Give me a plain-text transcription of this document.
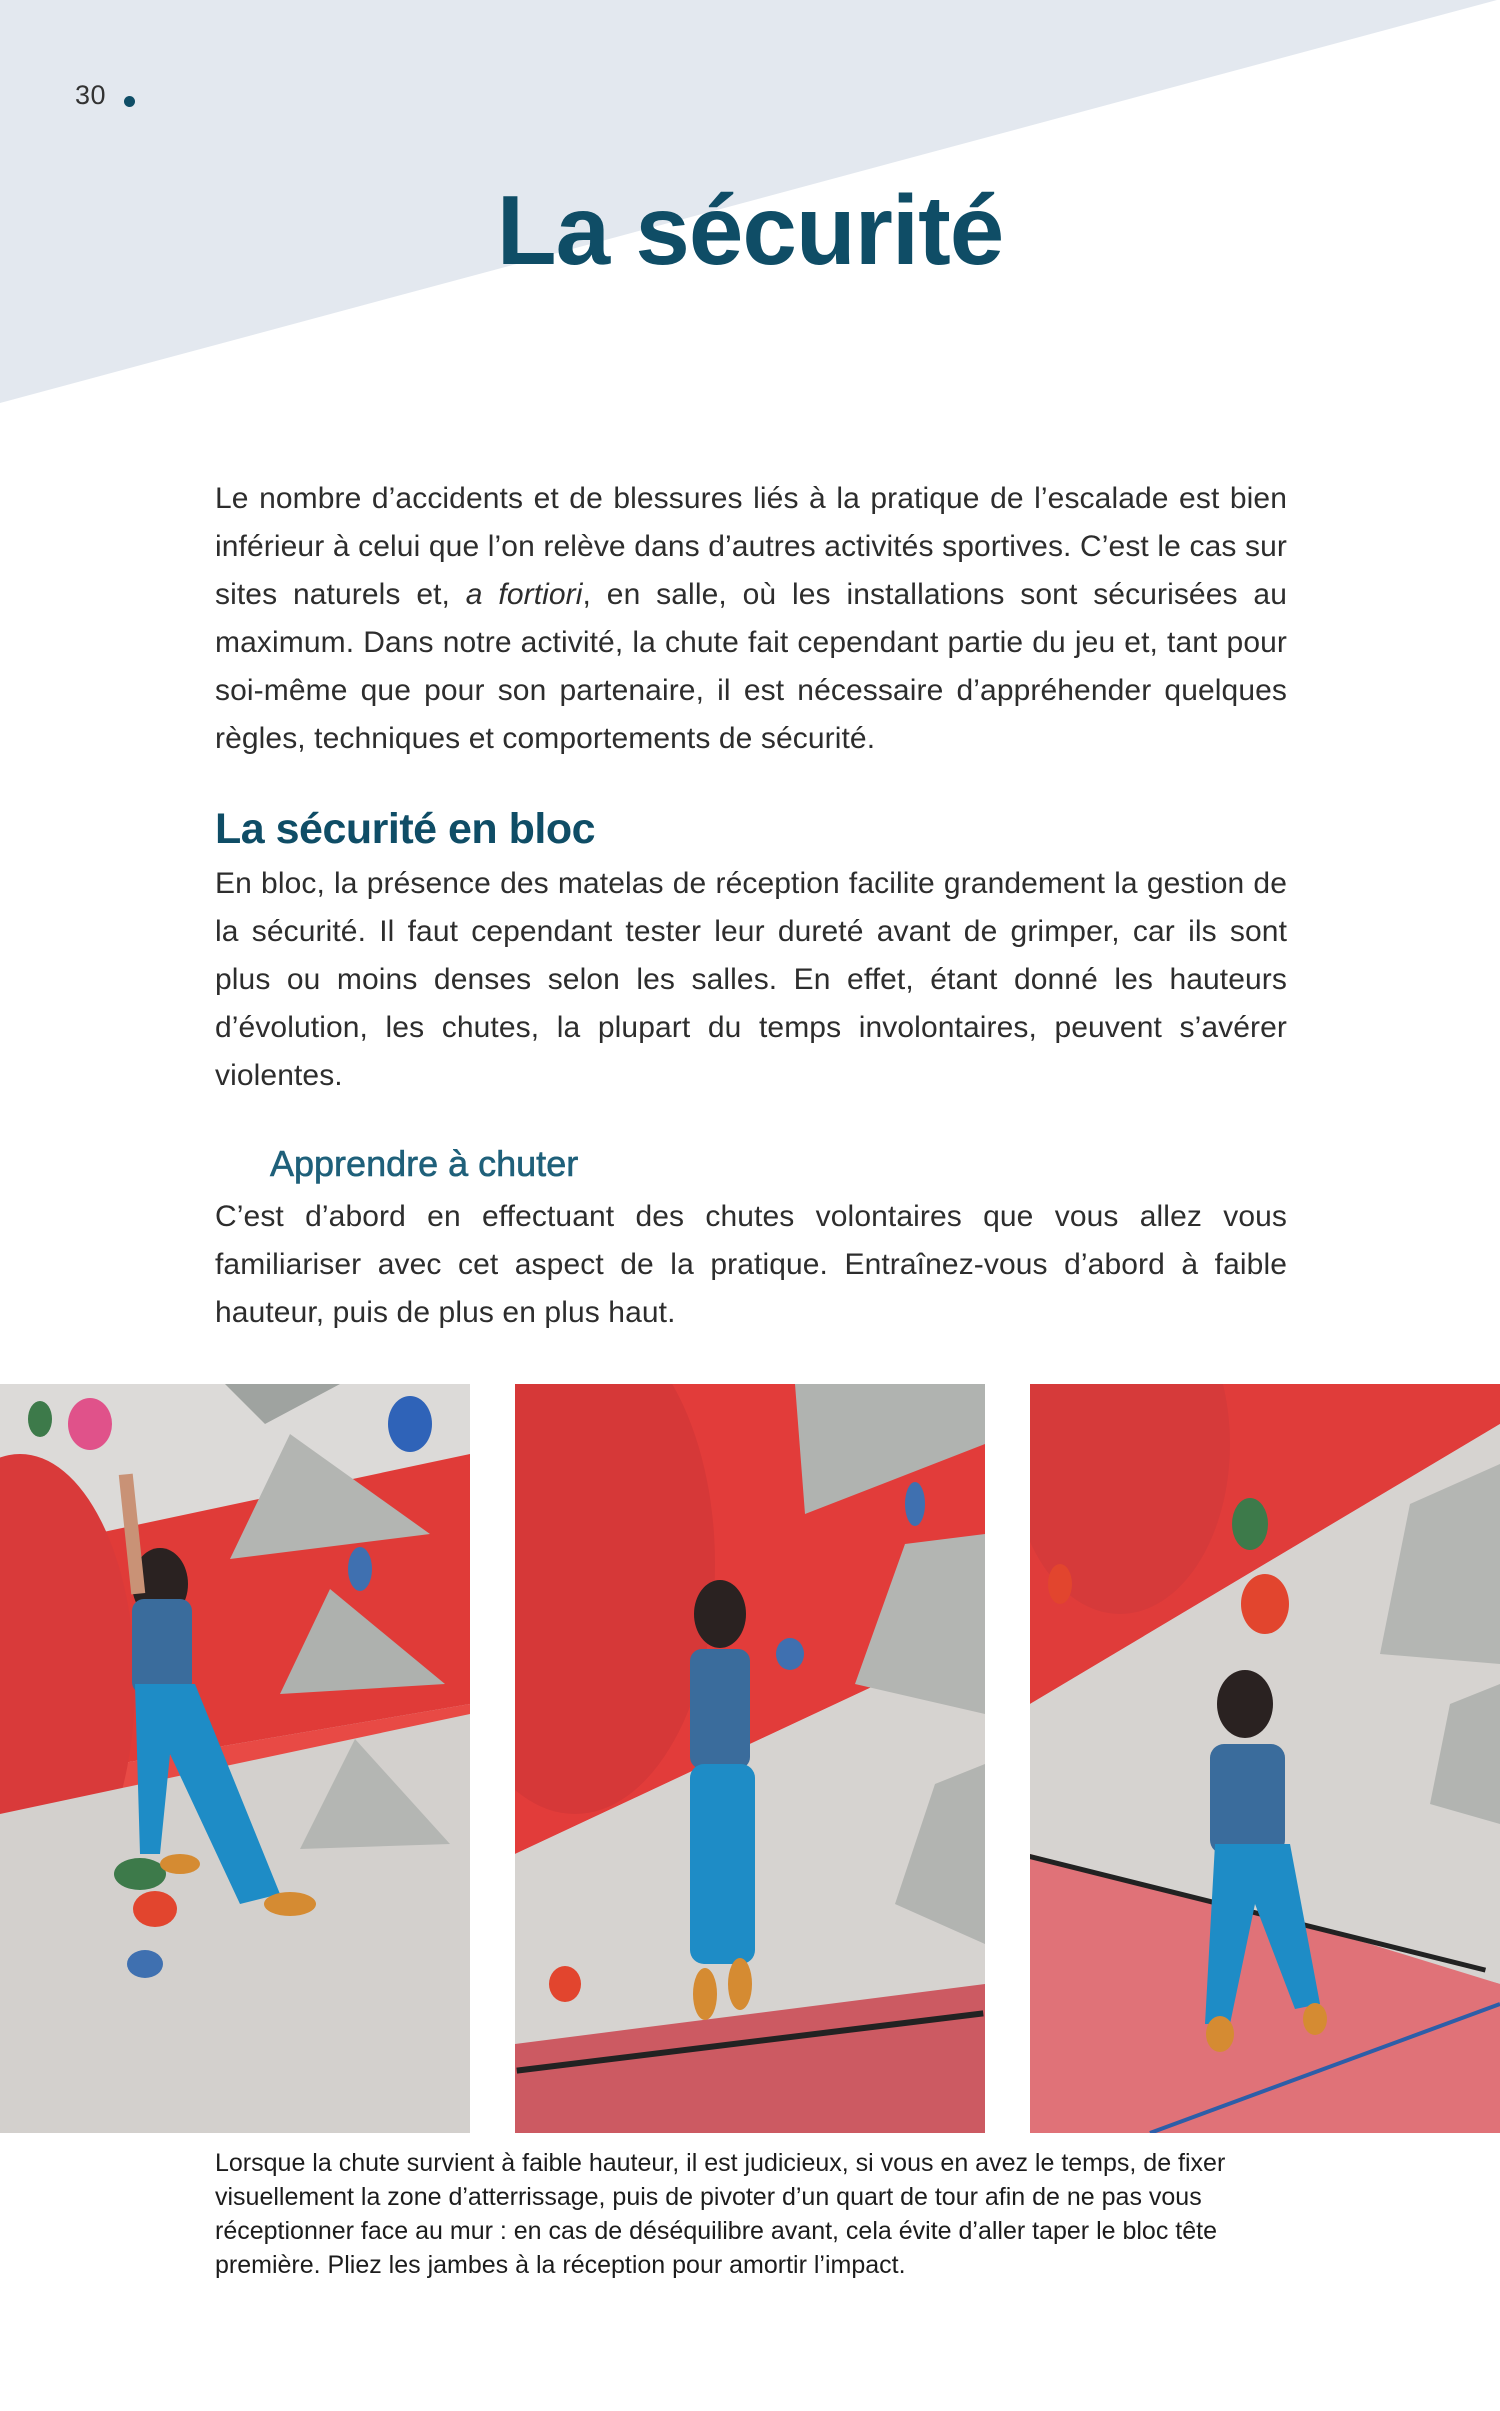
30
La sécurité

Le nombre d’accidents et de blessures liés à la pratique de l’escalade est bien inférieur à celui que l’on relève dans d’autres activités sportives. C’est le cas sur sites naturels et, a fortiori, en salle, où les installations sont sécurisées au maximum. Dans notre activité, la chute fait cependant partie du jeu et, tant pour soi-même que pour son partenaire, il est nécessaire d’appréhender quelques règles, techniques et comportements de sécurité.

La sécurité en bloc

En bloc, la présence des matelas de réception facilite grandement la gestion de la sécurité. Il faut cependant tester leur dureté avant de grimper, car ils sont plus ou moins denses selon les salles. En effet, étant donné les hauteurs d’évolution, les chutes, la plupart du temps involontaires, peuvent s’avérer violentes.

Apprendre à chuter

C’est d’abord en effectuant des chutes volontaires que vous allez vous familiariser avec cet aspect de la pratique. Entraînez-vous d’abord à faible hauteur, puis de plus en plus haut.

Lorsque la chute survient à faible hauteur, il est judicieux, si vous en avez le temps, de fixer visuellement la zone d’atterrissage, puis de pivoter d’un quart de tour afin de ne pas vous réceptionner face au mur : en cas de déséquilibre avant, cela évite d’aller taper le bloc tête première. Pliez les jambes à la réception pour amortir l’impact.
